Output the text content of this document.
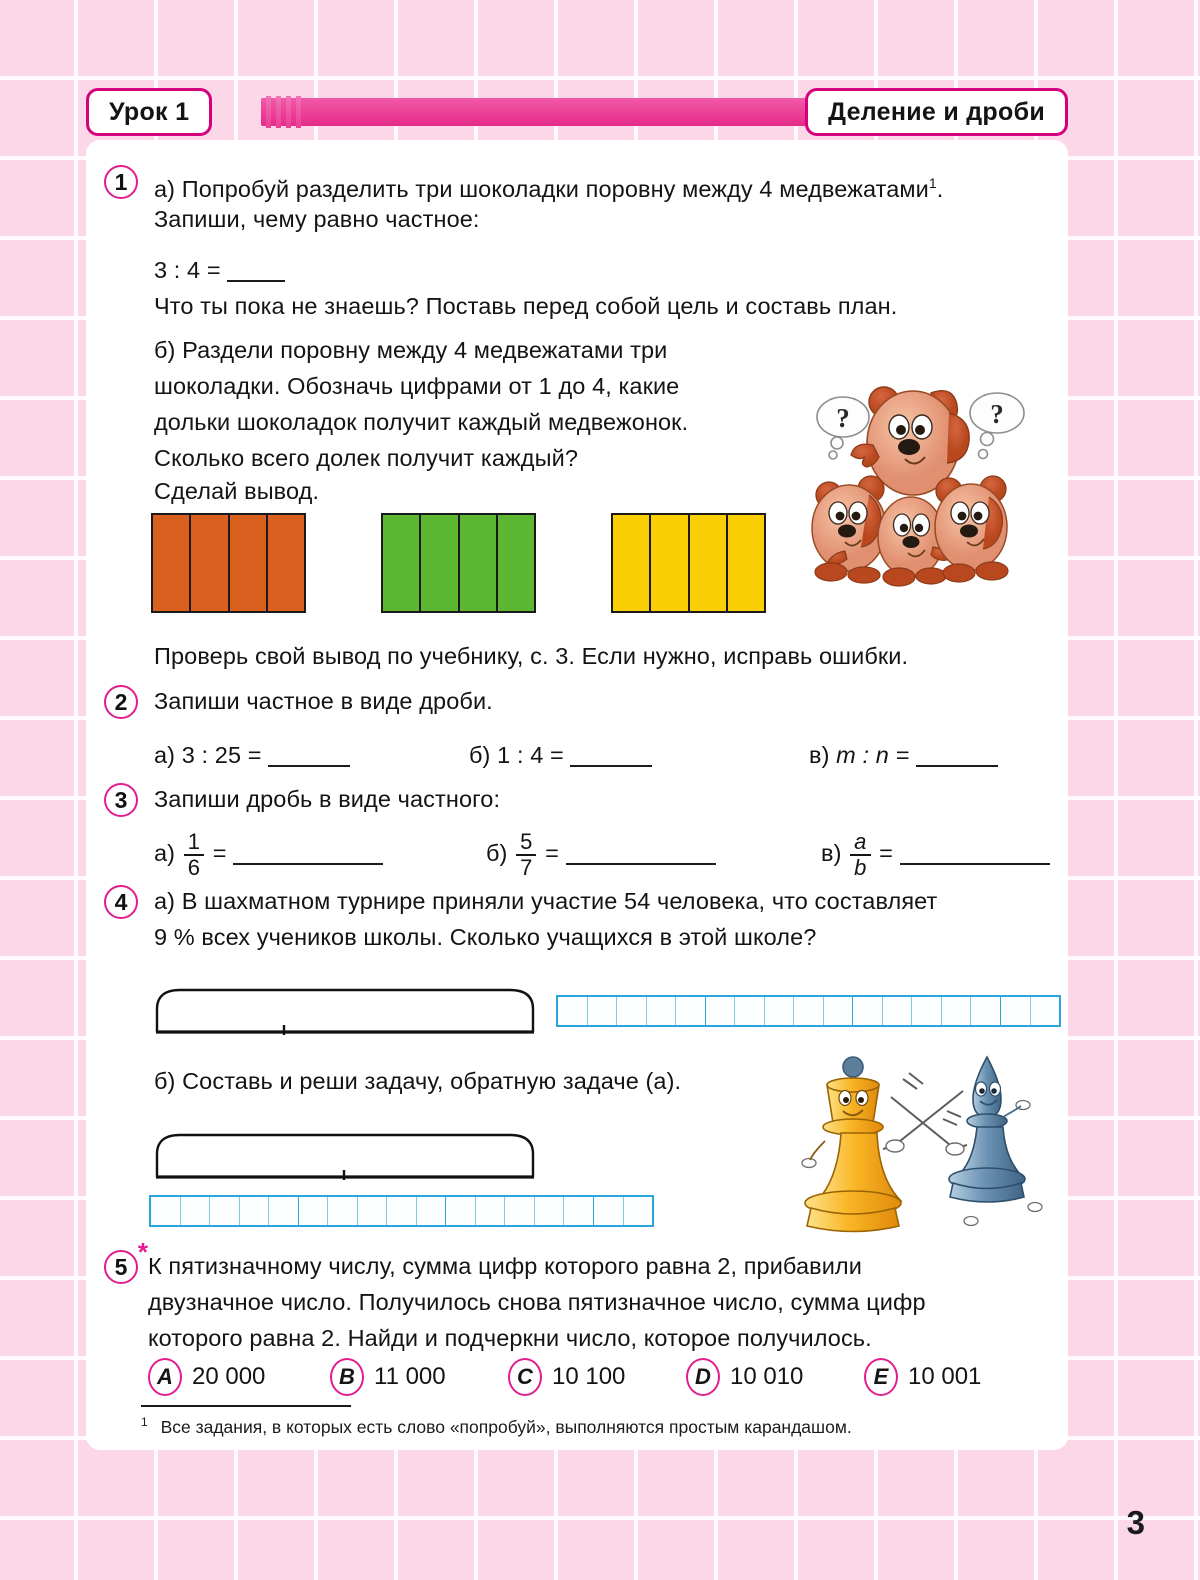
Урок 1	Деление и дроби
1 а) Попробуй разделить три шоколадки поровну между 4 медвежатами$^1$.
Запиши, чему равно частное:
3 : 4 =
Что ты пока не знаешь? Поставь перед собой цель и составь план.
б) Раздели поровну между 4 медвежатами три
шоколадки. Обозначь цифрами от 1 до 4, какие
дольки шоколадок получит каждый медвежонок.
Сколько всего долек получит каждый?
Сделай вывод.
?	?
Проверь свой вывод по учебнику, с. 3. Если нужно, исправь ошибки.
2 Запиши частное в виде дроби.
а) 3 : 25 =	б) 1 : 4 =	в) m : n =
3 Запиши дробь в виде частного:
$а) \frac{1}{6}$ =	$б) \frac{5}{7}$ =	$в) \frac{a}{b}$ =
4 а) В шахматном турнире приняли участие 54 человека, что составляет
9 % всех учеников школы. Сколько учащихся в этой школе?
б) Составь и реши задачу, обратную задаче (а).
5 * К пятизначному числу, сумма цифр которого равна 2, прибавили
двузначное число. Получилось снова пятизначное число, сумма цифр
которого равна 2. Найди и подчеркни число, которое получилось.
A 20 000	B 11 000	C 10 100	D 10 010	E 10 001
$^1$ Все задания, в которых есть слово «попробуй», выполняются простым карандашом.
3
